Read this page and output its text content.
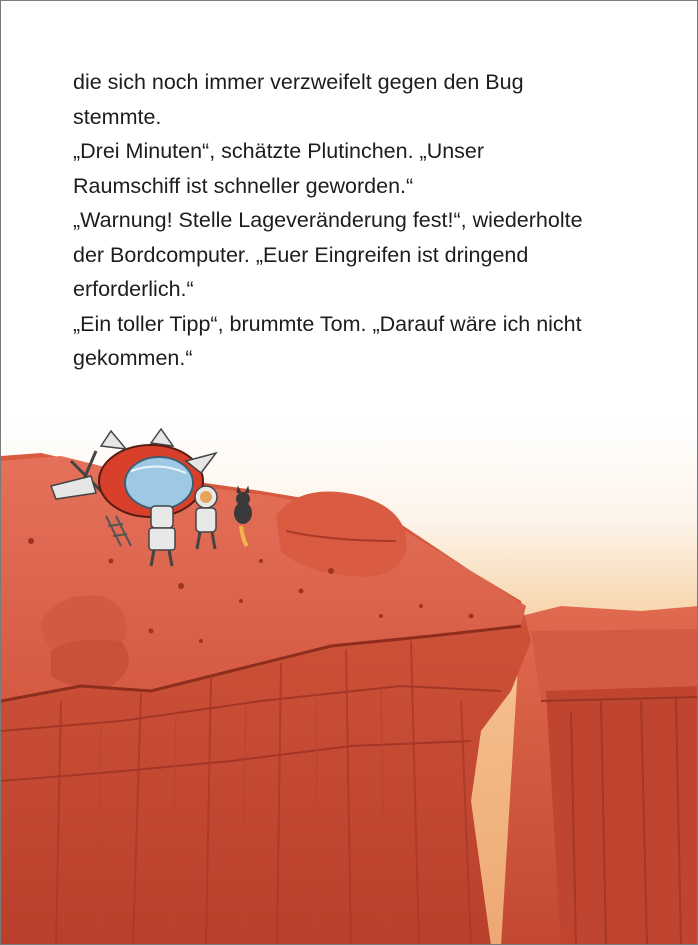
die sich noch immer verzweifelt gegen den Bug

stemmte.

„Drei Minuten“, schätzte Plutinchen. „Unser

Raumschiff ist schneller geworden.“

„Warnung! Stelle Lageveränderung fest!“, wiederholte

der Bordcomputer. „Euer Eingreifen ist dringend

erforderlich.“

„Ein toller Tipp“, brummte Tom. „Darauf wäre ich nicht

gekommen.“
